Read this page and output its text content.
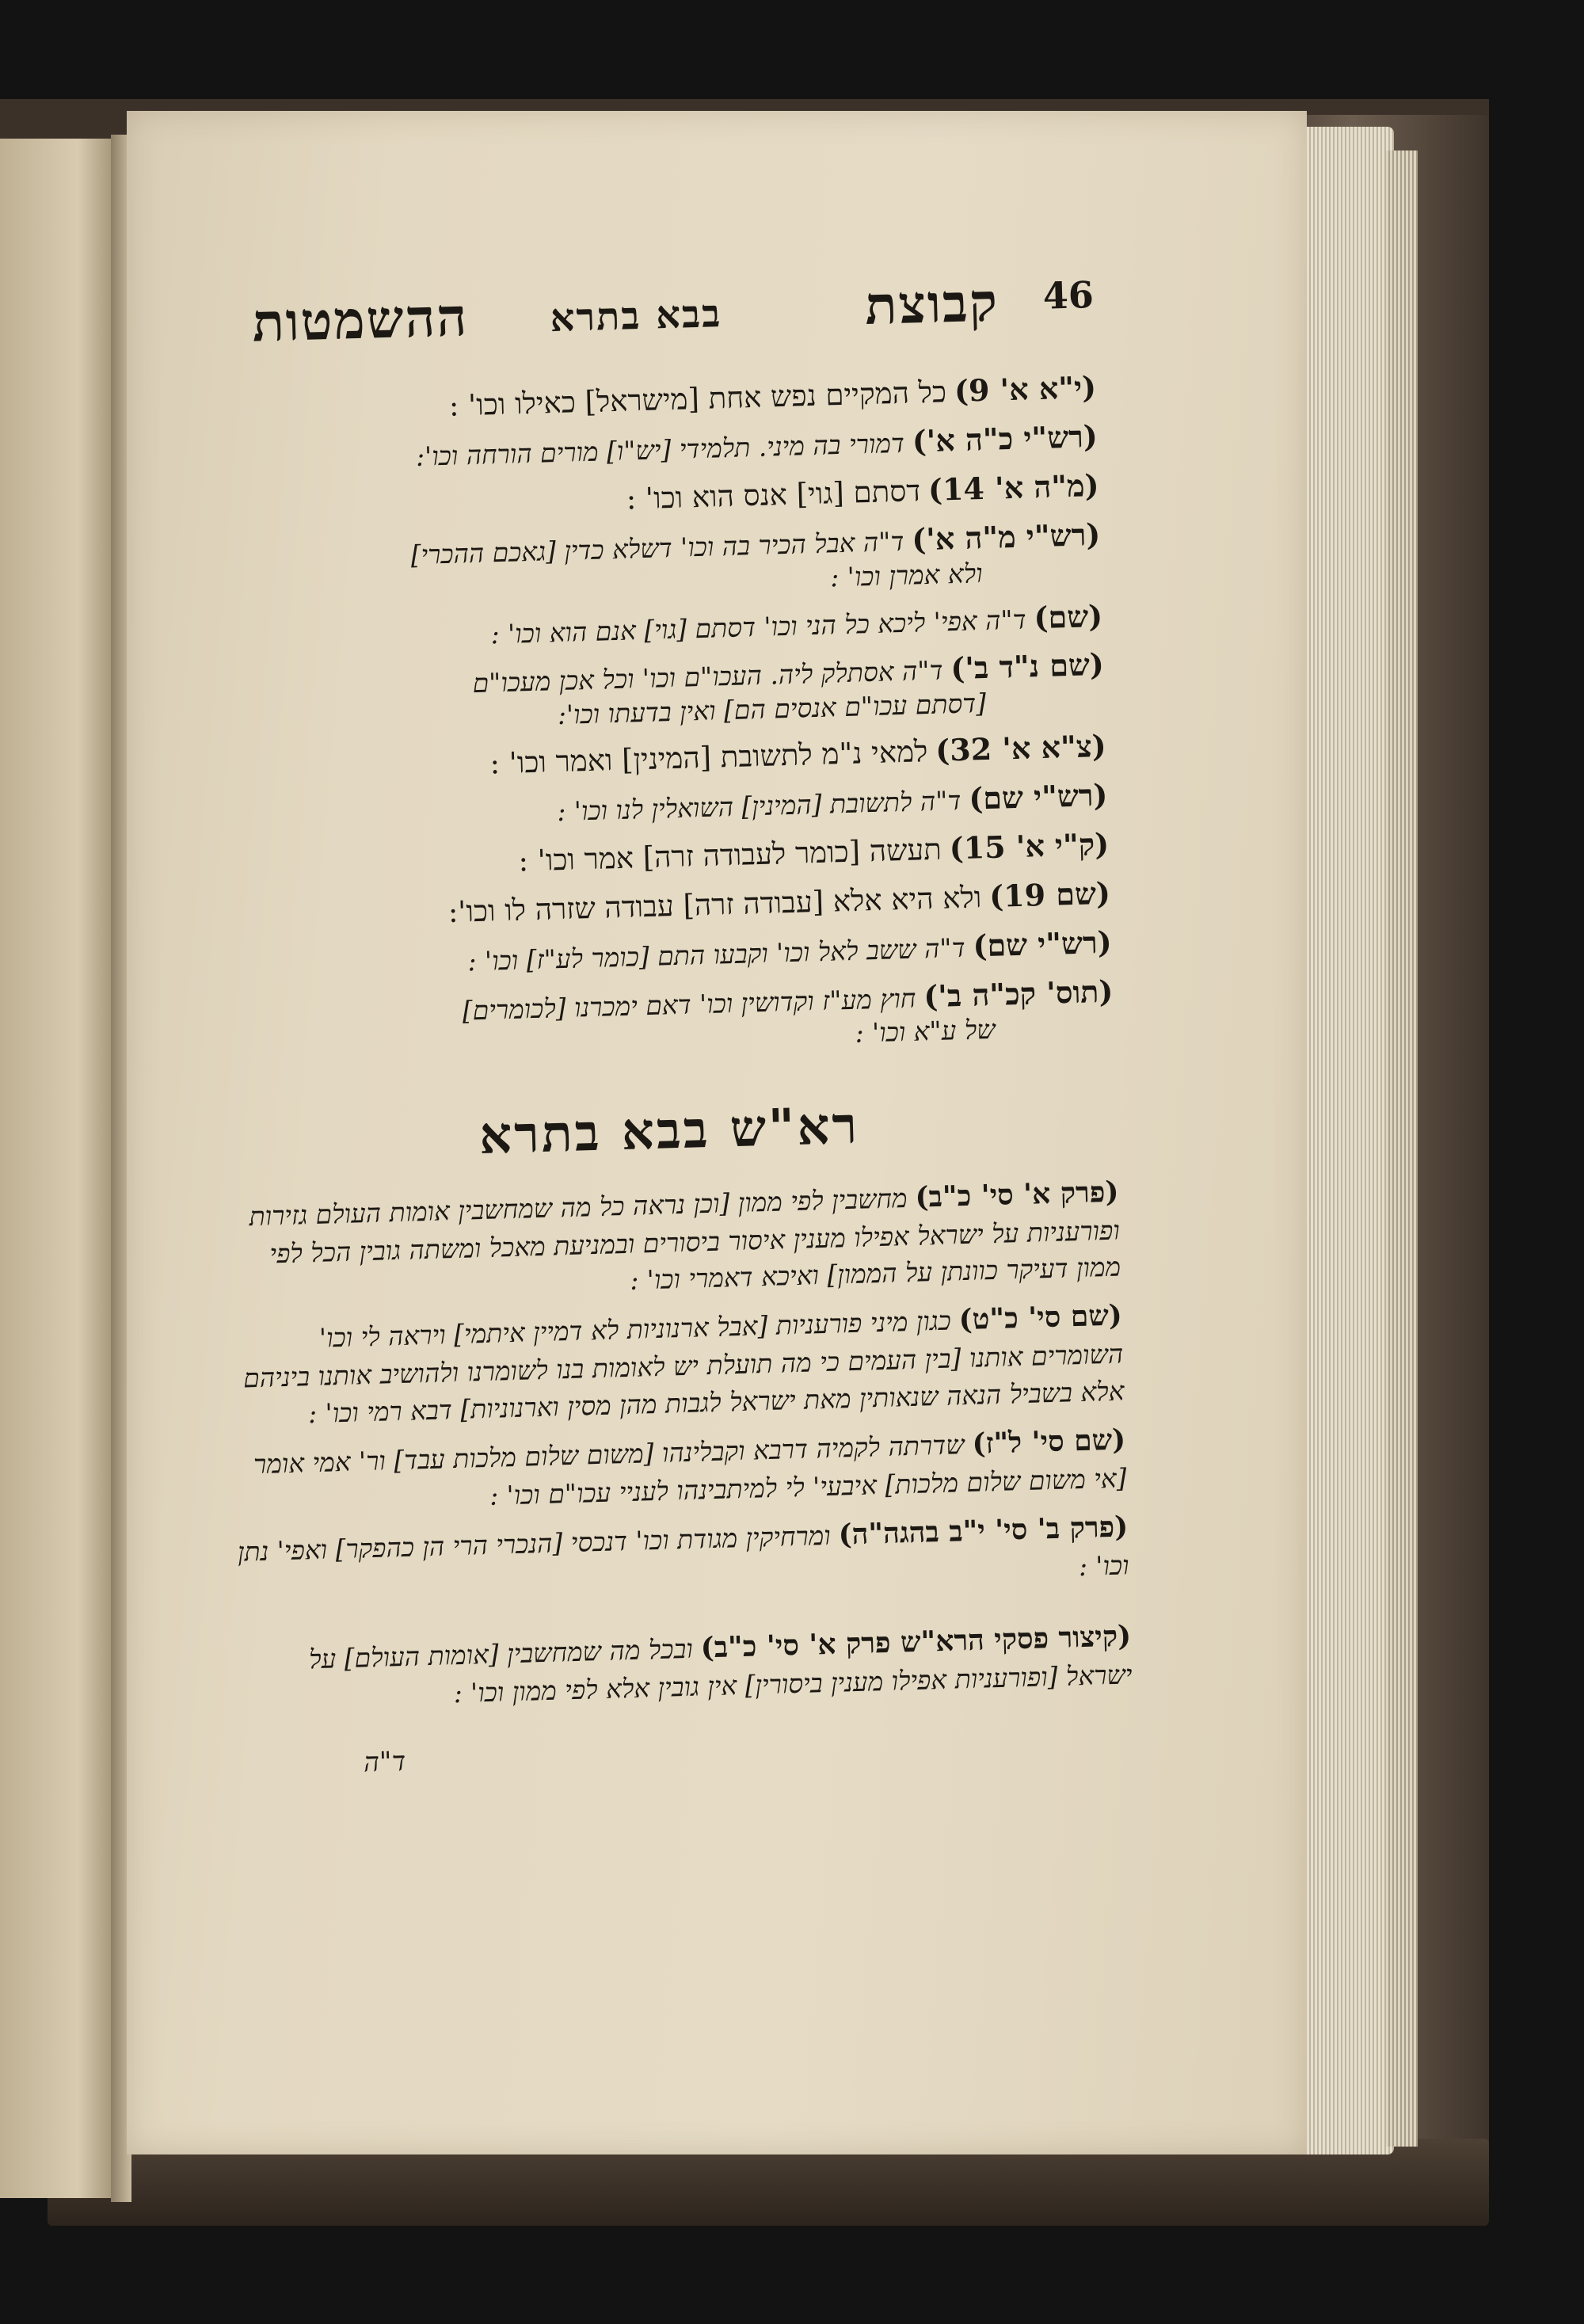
46
קבוצת
בבא בתרא
ההשמטות
(י"א א' 9)כל המקיים נפש אחת [מישראל] כאילו וכו' :
(רש"י כ"ה א')דמורי בה מיני. תלמידי [יש"ו] מורים הורחה וכו':
(מ"ה א' 14)דסתם [גוי] אנס הוא וכו' :
(רש"י מ"ה א')ד"ה אבל הכיר בה וכו' דשלא כדין [גאכם ההכרי]
ולא אמרן וכו' :
(שם)ד"ה אפי' ליכא כל הני וכו' דסתם [גוי] אנם הוא וכו' :
(שם נ"ד ב')ד"ה אסתלק ליה. העכו"ם וכו' וכל אכן מעכו"ם
[דסתם עכו"ם אנסים הם] ואין בדעתו וכו':
(צ"א א' 32)למאי נ"מ לתשובת [המינין] ואמר וכו' :
(רש"י שם)ד"ה לתשובת [המינין] השואלין לנו וכו' :
(ק"י א' 15)תעשה [כומר לעבודה זרה] אמר וכו' :
(שם 19)ולא היא אלא [עבודה זרה] עבודה שזרה לו וכו':
(רש"י שם)ד"ה ששב לאל וכו' וקבעו התם [כומר לע"ז] וכו' :
(תוס' קכ"ה ב')חוץ מע"ז וקדושין וכו' דאם ימכרנו [לכומרים]
של ע"א וכו' :
רא"ש בבא בתרא

(פרק א' סי' כ"ב)מחשבין לפי ממון [וכן נראה כל מה שמחשבין אומות העולם גזירות ופורעניות על ישראל אפילו מענין איסור ביסורים ובמניעת מאכל ומשתה גובין הכל לפי ממון דעיקר כוונתן על הממון] ואיכא דאמרי וכו' :

(שם סי' כ"ט)כגון מיני פורעניות [אבל ארנוניות לא דמיין איתמי] ויראה לי וכו' השומרים אותנו [בין העמים כי מה תועלת יש לאומות בנו לשומרנו ולהושיב אותנו ביניהם אלא בשביל הנאה שנאותין מאת ישראל לגבות מהן מסין וארנוניות] דבא רמי וכו' :

(שם סי' ל"ז)שדרתה לקמיה דרבא וקבלינהו [משום שלום מלכות עבד] ור' אמי אומר [אי משום שלום מלכות] איבעי' לי למיתבינהו לעניי עכו"ם וכו' :

(פרק ב' סי' י"ב בהגה"ה)ומרחיקין מגודת וכו' דנכסי [הנכרי הרי הן כהפקר] ואפי' נתן וכו' :

(קיצור פסקי הרא"ש פרק א' סי' כ"ב)ובכל מה שמחשבין [אומות העולם] על ישראל [ופורעניות אפילו מענין ביסורין] אין גובין אלא לפי ממון וכו' :

ד"ה
